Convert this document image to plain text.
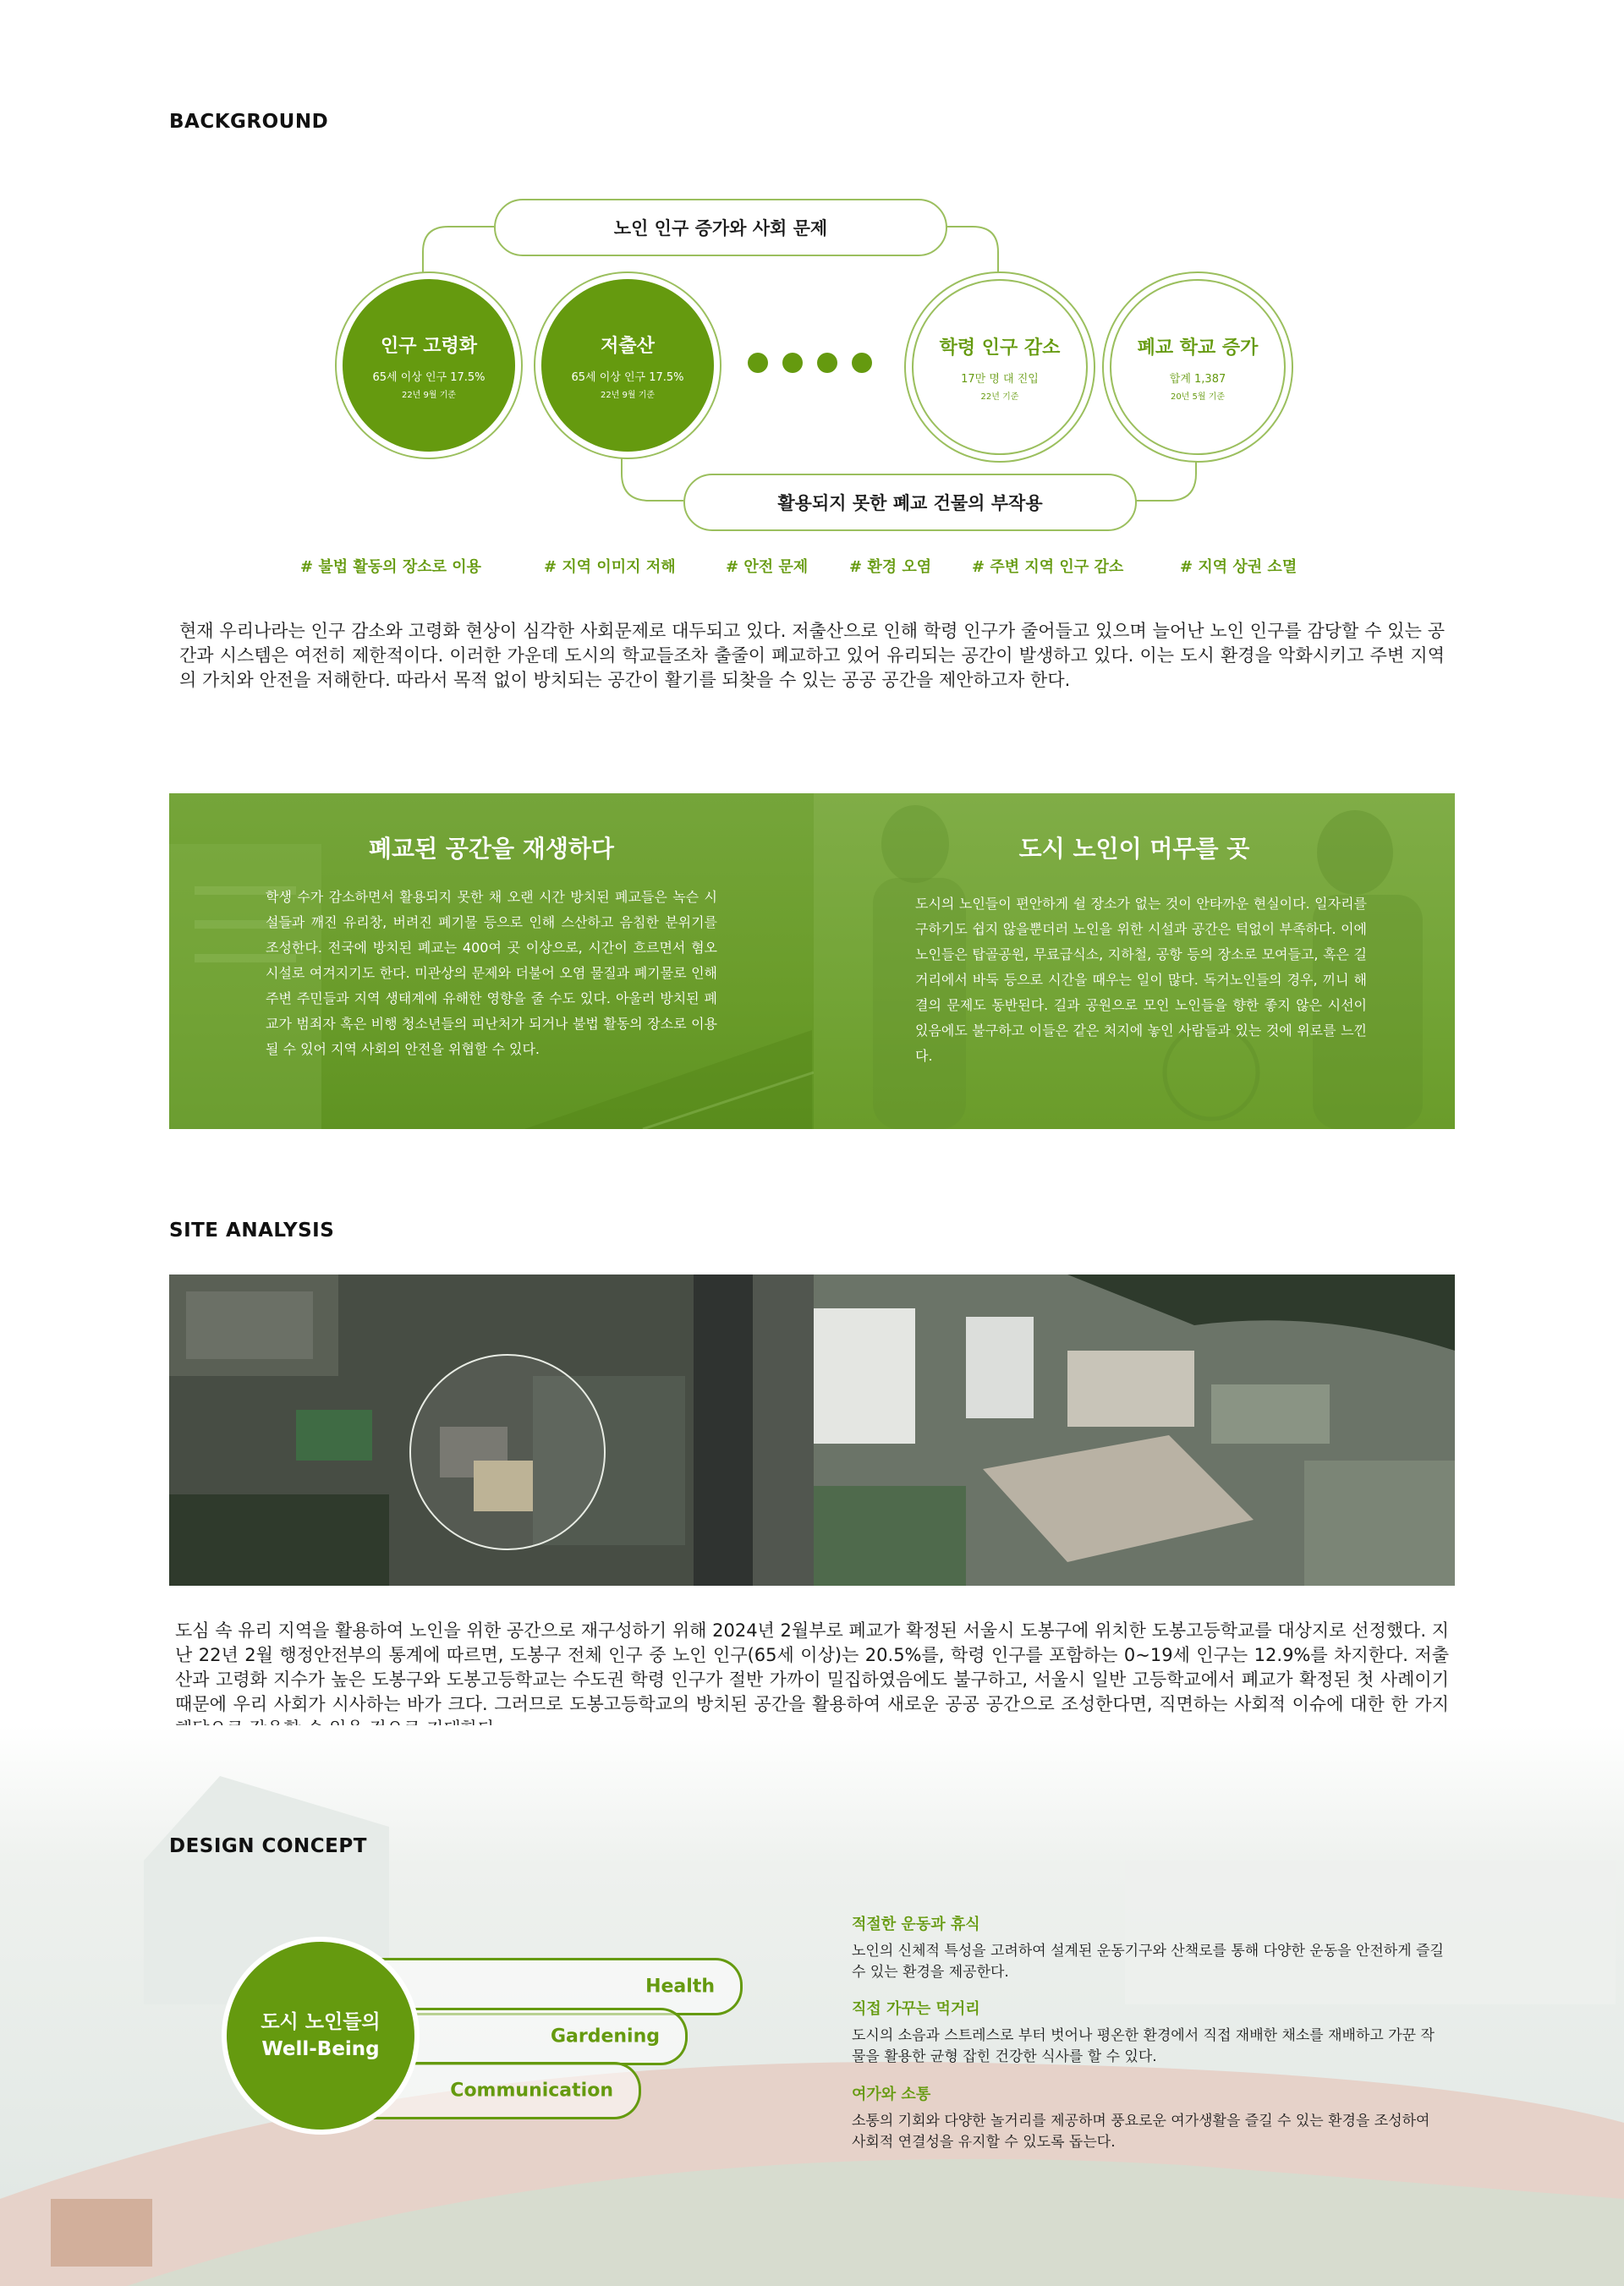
BACKGROUND
노인 인구 증가와 사회 문제
인구 고령화
65세 이상 인구 17.5%
22년 9월 기준
저출산
65세 이상 인구 17.5%
22년 9월 기준
학령 인구 감소
17만 명 대 진입
22년 기준
폐교 학교 증가
합계 1,387
20년 5월 기준
활용되지 못한 폐교 건물의 부작용
# 불법 활동의 장소로 이용	# 지역 이미지 저해	# 안전 문제	# 환경 오염	# 주변 지역 인구 감소	# 지역 상권 소멸
현재 우리나라는 인구 감소와 고령화 현상이 심각한 사회문제로 대두되고 있다. 저출산으로 인해 학령 인구가 줄어들고 있으며 늘어난 노인 인구를 감당할 수 있는 공간과 시스템은 여전히 제한적이다. 이러한 가운데 도시의 학교들조차 출줄이 폐교하고 있어 유리되는 공간이 발생하고 있다. 이는 도시 환경을 악화시키고 주변 지역의 가치와 안전을 저해한다. 따라서 목적 없이 방치되는 공간이 활기를 되찾을 수 있는 공공 공간을 제안하고자 한다.
폐교된 공간을 재생하다

학생 수가 감소하면서 활용되지 못한 채 오랜 시간 방치된 폐교들은 녹슨 시설들과 깨진 유리창, 버려진 폐기물 등으로 인해 스산하고 음침한 분위기를 조성한다. 전국에 방치된 폐교는 400여 곳 이상으로, 시간이 흐르면서 혐오 시설로 여겨지기도 한다. 미관상의 문제와 더불어 오염 물질과 폐기물로 인해 주변 주민들과 지역 생태계에 유해한 영향을 줄 수도 있다. 아울러 방치된 폐교가 범죄자 혹은 비행 청소년들의 피난처가 되거나 불법 활동의 장소로 이용될 수 있어 지역 사회의 안전을 위협할 수 있다.

도시 노인이 머무를 곳

도시의 노인들이 편안하게 쉴 장소가 없는 것이 안타까운 현실이다. 일자리를 구하기도 쉽지 않을뿐더러 노인을 위한 시설과 공간은 턱없이 부족하다. 이에 노인들은 탑골공원, 무료급식소, 지하철, 공항 등의 장소로 모여들고, 혹은 길거리에서 바둑 등으로 시간을 때우는 일이 많다. 독거노인들의 경우, 끼니 해결의 문제도 동반된다. 길과 공원으로 모인 노인들을 향한 좋지 않은 시선이 있음에도 불구하고 이들은 같은 처지에 놓인 사람들과 있는 것에 위로를 느낀다.

SITE ANALYSIS
도심 속 유리 지역을 활용하여 노인을 위한 공간으로 재구성하기 위해 2024년 2월부로 폐교가 확정된 서울시 도봉구에 위치한 도봉고등학교를 대상지로 선정했다. 지난 22년 2월 행정안전부의 통계에 따르면, 도봉구 전체 인구 중 노인 인구(65세 이상)는 20.5%를, 학령 인구를 포함하는 0~19세 인구는 12.9%를 차지한다. 저출산과 고령화 지수가 높은 도봉구와 도봉고등학교는 수도권 학령 인구가 절반 가까이 밀집하였음에도 불구하고, 서울시 일반 고등학교에서 폐교가 확정된 첫 사례이기 때문에 우리 사회가 시사하는 바가 크다. 그러므로 도봉고등학교의 방치된 공간을 활용하여 새로운 공공 공간으로 조성한다면, 직면하는 사회적 이슈에 대한 한 가지
DESIGN CONCEPT
Health
Gardening
Communication
도시 노인들의
Well-Being
적절한 운동과 휴식
노인의 신체적 특성을 고려하여 설계된 운동기구와 산책로를 통해 다양한 운동을 안전하게 즐길 수 있는 환경을 제공한다.
직접 가꾸는 먹거리
도시의 소음과 스트레스로 부터 벗어나 평온한 환경에서 직접 재배한 채소를 재배하고 가꾼 작물을 활용한 균형 잡힌 건강한 식사를 할 수 있다.
여가와 소통
소통의 기회와 다양한 놀거리를 제공하며 풍요로운 여가생활을 즐길 수 있는 환경을 조성하여 사회적 연결성을 유지할 수 있도록 돕는다.
